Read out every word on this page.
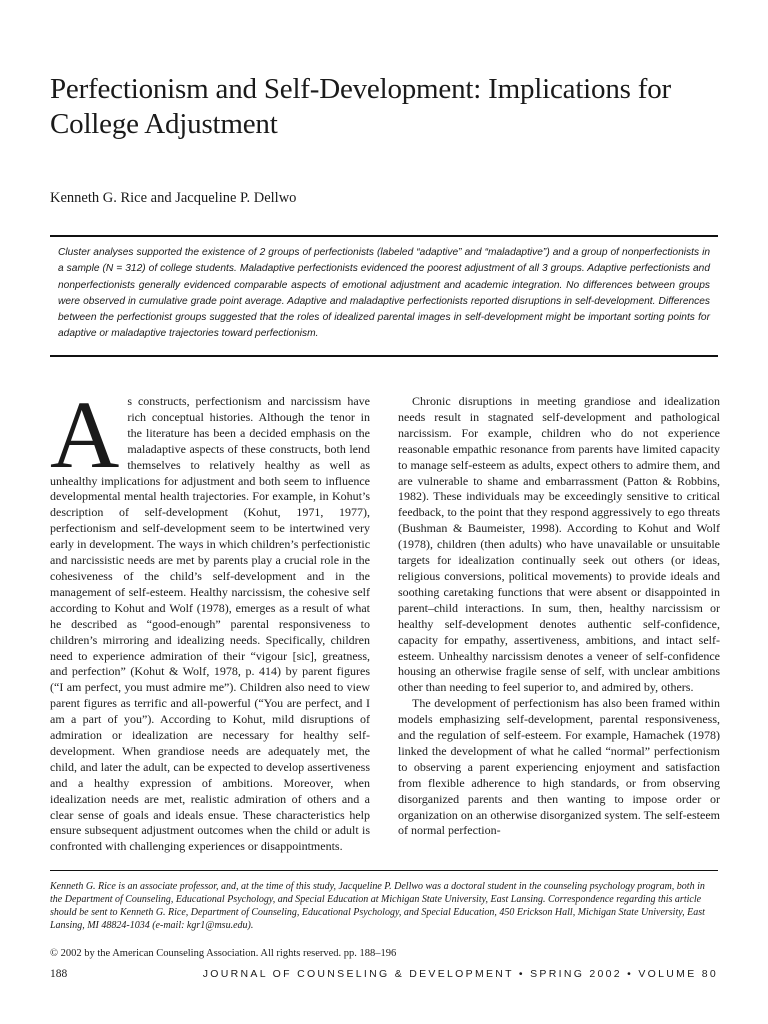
Perfectionism and Self-Development: Implications for College Adjustment

Kenneth G. Rice and Jacqueline P. Dellwo

Cluster analyses supported the existence of 2 groups of perfectionists (labeled “adaptive” and “maladaptive”) and a group of nonperfectionists in a sample (N = 312) of college students. Maladaptive perfectionists evidenced the poorest adjustment of all 3 groups. Adaptive perfectionists and nonperfectionists generally evidenced comparable aspects of emotional adjustment and academic integration. No differences between groups were observed in cumulative grade point average. Adaptive and maladaptive perfectionists reported disruptions in self-development. Differences between the perfectionist groups suggested that the roles of idealized parental images in self-development might be important sorting points for adaptive or maladaptive trajectories toward perfectionism.

A s constructs, perfectionism and narcissism have rich conceptual histories. Although the tenor in the literature has been a decided emphasis on the maladaptive aspects of these constructs, both lend themselves to relatively healthy as well as unhealthy implications for adjustment and both seem to influence developmental mental health trajectories. For example, in Kohut’s description of self-development (Kohut, 1971, 1977), perfectionism and self-development seem to be intertwined very early in development. The ways in which children’s perfectionistic and narcissistic needs are met by parents play a crucial role in the cohesiveness of the child’s self-development and in the management of self-esteem. Healthy narcissism, the cohesive self according to Kohut and Wolf (1978), emerges as a result of what he described as “good-enough” parental responsiveness to children’s mirroring and idealizing needs. Specifically, children need to experience admiration of their “vigour [sic], greatness, and perfection” (Kohut & Wolf, 1978, p. 414) by parent figures (“I am perfect, you must admire me”). Children also need to view parent figures as terrific and all-powerful (“You are perfect, and I am a part of you”). According to Kohut, mild disruptions of admiration or idealization are necessary for healthy self-development. When grandiose needs are adequately met, the child, and later the adult, can be expected to develop assertiveness and a healthy expression of ambitions. Moreover, when idealization needs are met, realistic admiration of others and a clear sense of goals and ideals ensue. These characteristics help ensure subsequent adjustment outcomes when the child or adult is confronted with challenging experiences or disappointments.

Chronic disruptions in meeting grandiose and idealization needs result in stagnated self-development and pathological narcissism. For example, children who do not experience reasonable empathic resonance from parents have limited capacity to manage self-esteem as adults, expect others to admire them, and are vulnerable to shame and embarrassment (Patton & Robbins, 1982). These individuals may be exceedingly sensitive to critical feedback, to the point that they respond aggressively to ego threats (Bushman & Baumeister, 1998). According to Kohut and Wolf (1978), children (then adults) who have unavailable or unsuitable targets for idealization continually seek out others (or ideas, religious conversions, political movements) to provide ideals and soothing caretaking functions that were absent or disappointed in parent–child interactions. In sum, then, healthy narcissism or healthy self-development denotes authentic self-confidence, capacity for empathy, assertiveness, ambitions, and intact self-esteem. Unhealthy narcissism denotes a veneer of self-confidence housing an otherwise fragile sense of self, with unclear ambitions other than needing to feel superior to, and admired by, others.

The development of perfectionism has also been framed within models emphasizing self-development, parental responsiveness, and the regulation of self-esteem. For example, Hamachek (1978) linked the development of what he called “normal” perfectionism to observing a parent experiencing enjoyment and satisfaction from flexible adherence to high standards, or from observing disorganized parents and then wanting to impose order or organization on an otherwise disorganized system. The self-esteem of normal perfection-

Kenneth G. Rice is an associate professor, and, at the time of this study, Jacqueline P. Dellwo was a doctoral student in the counseling psychology program, both in the Department of Counseling, Educational Psychology, and Special Education at Michigan State University, East Lansing. Correspondence regarding this article should be sent to Kenneth G. Rice, Department of Counseling, Educational Psychology, and Special Education, 450 Erickson Hall, Michigan State University, East Lansing, MI 48824-1034 (e-mail: kgr1@msu.edu).

© 2002 by the American Counseling Association. All rights reserved. pp. 188–196

188	JOURNAL OF COUNSELING & DEVELOPMENT • SPRING 2002 • VOLUME 80
